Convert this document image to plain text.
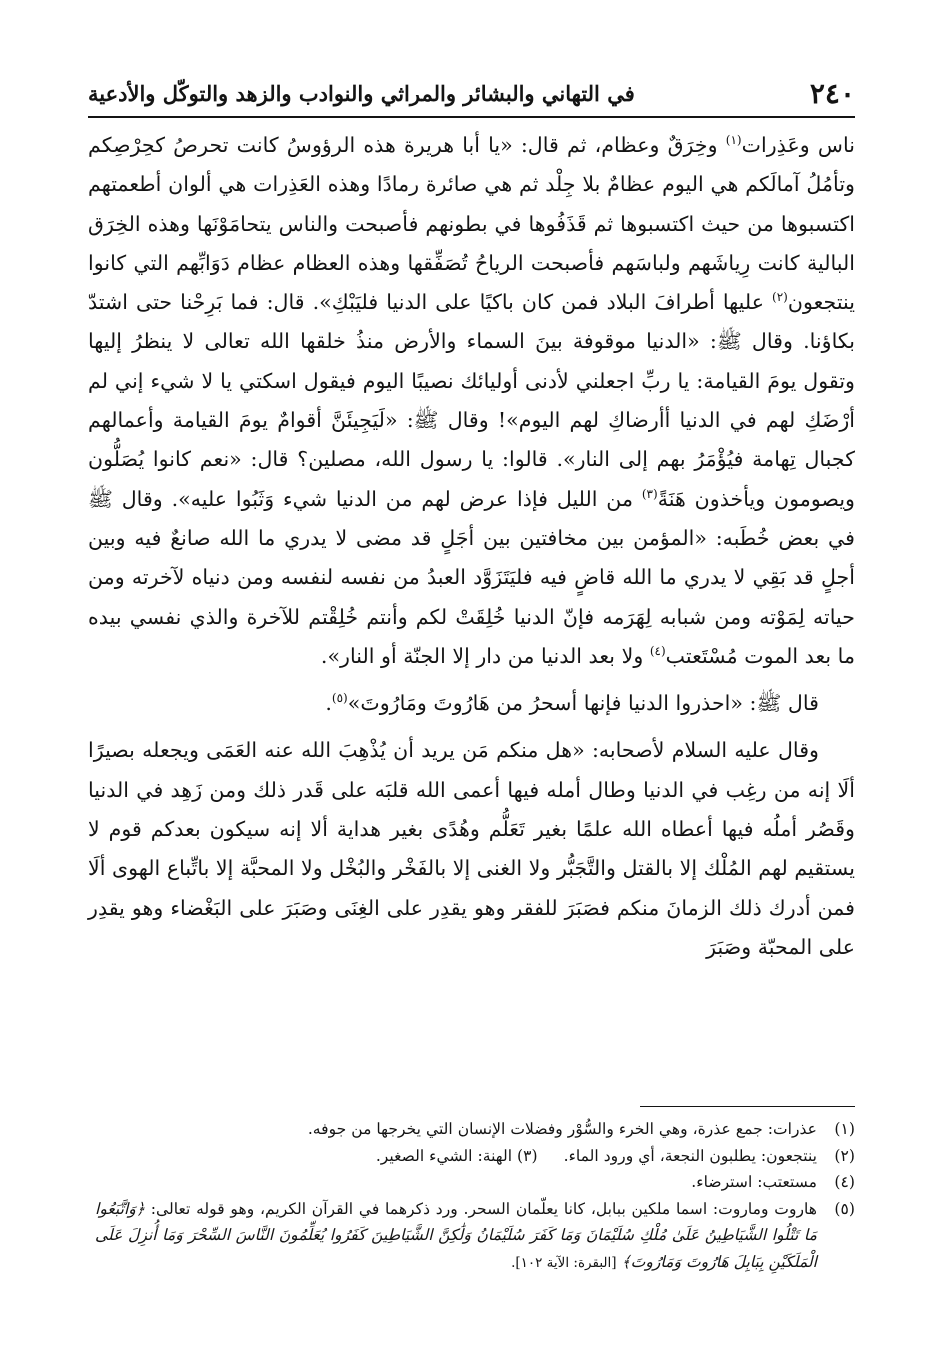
٢٤٠
في التهاني والبشائر والمراثي والنوادب والزهد والتوكّل والأدعية

ناس وعَذِرات$^{(١)}$ وخِرَقٌ وعظام، ثم قال: «يا أبا هريرة هذه الرؤوسُ كانت تحرصُ كحِرْصِكم وتأمُلُ آمالَكم هي اليوم عظامٌ بلا جِلْد ثم هي صائرة رمادًا وهذه العَذِرات هي ألوان أطعمتهم اكتسبوها من حيث اكتسبوها ثم قَذَفُوها في بطونهم فأصبحت والناس يتحامَوْنَها وهذه الخِرَق البالية كانت رِياشَهم ولباسَهم فأصبحت الرياحُ تُصَفِّقها وهذه العظام عظام دَوَابِّهم التي كانوا ينتجعون$^{(٢)}$ عليها أطرافَ البلاد فمن كان باكيًا على الدنيا فليَبْكِ». قال: فما بَرِحْنا حتى اشتدّ بكاؤنا. وقال ﷺ: «الدنيا موقوفة بينَ السماء والأرض منذُ خلقها الله تعالى لا ينظرُ إليها وتقول يومَ القيامة: يا ربِّ اجعلني لأدنى أوليائك نصيبًا اليوم فيقول اسكتي يا لا شيء إني لم أرْضَكِ لهم في الدنيا أأرضاكِ لهم اليوم»! وقال ﷺ: «لَيَجِيئَنَّ أقوامٌ يومَ القيامة وأعمالهم كجبال تِهامة فيُؤْمَرُ بهم إلى النار». قالوا: يا رسول الله، مصلين؟ قال: «نعم كانوا يُصَلُّون ويصومون ويأخذون هَنَةً$^{(٣)}$ من الليل فإذا عرض لهم من الدنيا شيء وَثَبُوا عليه». وقال ﷺ في بعض خُطَبه: «المؤمن بين مخافتين بين أجَلٍ قد مضى لا يدري ما الله صانعٌ فيه وبين أجلٍ قد بَقِي لا يدري ما الله قاضٍ فيه فليَتَزَوَّد العبدُ من نفسه لنفسه ومن دنياه لآخرته ومن حياته لِمَوْته ومن شبابه لِهَرَمه فإنّ الدنيا خُلِقَتْ لكم وأنتم خُلِقْتم للآخرة والذي نفسي بيده ما بعد الموت مُسْتَعتب$^{(٤)}$ ولا بعد الدنيا من دار إلا الجنّة أو النار».

قال ﷺ: «احذروا الدنيا فإنها أسحرُ من هَارُوتَ ومَارُوتَ»$^{(٥)}$.

وقال عليه السلام لأصحابه: «هل منكم مَن يريد أن يُذْهِبَ الله عنه العَمَى ويجعله بصيرًا ألَا إنه من رغِب في الدنيا وطال أمله فيها أعمى الله قلبَه على قَدر ذلك ومن زَهِد في الدنيا وقَصُر أملُه فيها أعطاه الله علمًا بغير تَعَلُّم وهُدًى بغير هداية ألا إنه سيكون بعدكم قوم لا يستقيم لهم المُلْك إلا بالقتل والتَّجَبُّر ولا الغنى إلا بالفَخْر والبُخْل ولا المحبَّة إلا باتِّباع الهوى ألَا فمن أدرك ذلك الزمانَ منكم فصَبَرَ للفقر وهو يقدِر على الغِنَى وصَبَرَ على البَغْضاء وهو يقدِر على المحبّة وصَبَرَ

(١)
عذرات: جمع عذرة، وهي الخرء والسُّوْر وفضلات الإنسان التي يخرجها من جوفه.
(٢)
ينتجعون: يطلبون النجعة، أي ورود الماء.(٣) الهنة: الشيء الصغير.
(٤)
مستعتب: استرضاء.
(٥)
هاروت وماروت: اسما ملكين ببابل، كانا يعلّمان السحر. ورد ذكرهما في القرآن الكريم، وهو قوله تعالى: ﴿وَاتَّبَعُوا مَا تَتْلُوا الشَّيَاطِينُ عَلَىٰ مُلْكِ سُلَيْمَانَ وَمَا كَفَرَ سُلَيْمَانُ وَلَٰكِنَّ الشَّيَاطِينَ كَفَرُوا يُعَلِّمُونَ النَّاسَ السِّحْرَ وَمَا أُنزِلَ عَلَى الْمَلَكَيْنِ بِبَابِلَ هَارُوتَ وَمَارُوتَ﴾ [البقرة: الآية ١٠٢].
